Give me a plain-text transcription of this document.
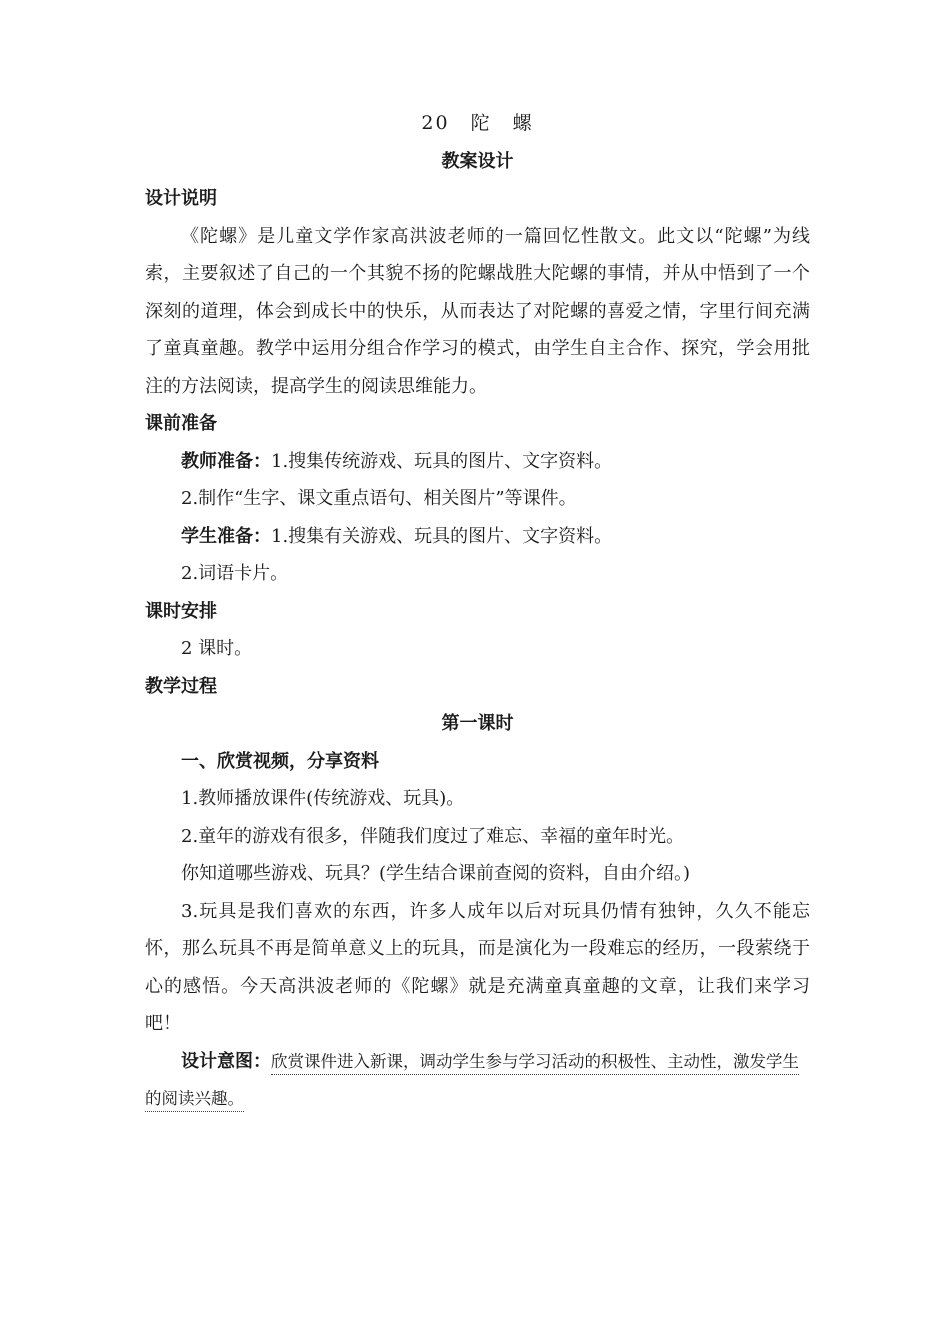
20　陀　螺
教案设计
设计说明

《陀螺》是儿童文学作家高洪波老师的一篇回忆性散文。此文以“陀螺”为线索，主要叙述了自己的一个其貌不扬的陀螺战胜大陀螺的事情，并从中悟到了一个深刻的道理，体会到成长中的快乐，从而表达了对陀螺的喜爱之情，字里行间充满了童真童趣。教学中运用分组合作学习的模式，由学生自主合作、探究，学会用批注的方法阅读，提高学生的阅读思维能力。

课前准备
教师准备：1.搜集传统游戏、玩具的图片、文字资料。
2.制作“生字、课文重点语句、相关图片”等课件。
学生准备：1.搜集有关游戏、玩具的图片、文字资料。
2.词语卡片。
课时安排
2 课时。
教学过程
第一课时
一、欣赏视频，分享资料
1.教师播放课件(传统游戏、玩具)。
2.童年的游戏有很多，伴随我们度过了难忘、幸福的童年时光。
你知道哪些游戏、玩具？(学生结合课前查阅的资料，自由介绍。)

3.玩具是我们喜欢的东西，许多人成年以后对玩具仍情有独钟，久久不能忘怀，那么玩具不再是简单意义上的玩具，而是演化为一段难忘的经历，一段萦绕于心的感悟。今天高洪波老师的《陀螺》就是充满童真童趣的文章，让我们来学习吧！

设计意图：欣赏课件进入新课，调动学生参与学习活动的积极性、主动性，激发学生的阅读兴趣。
